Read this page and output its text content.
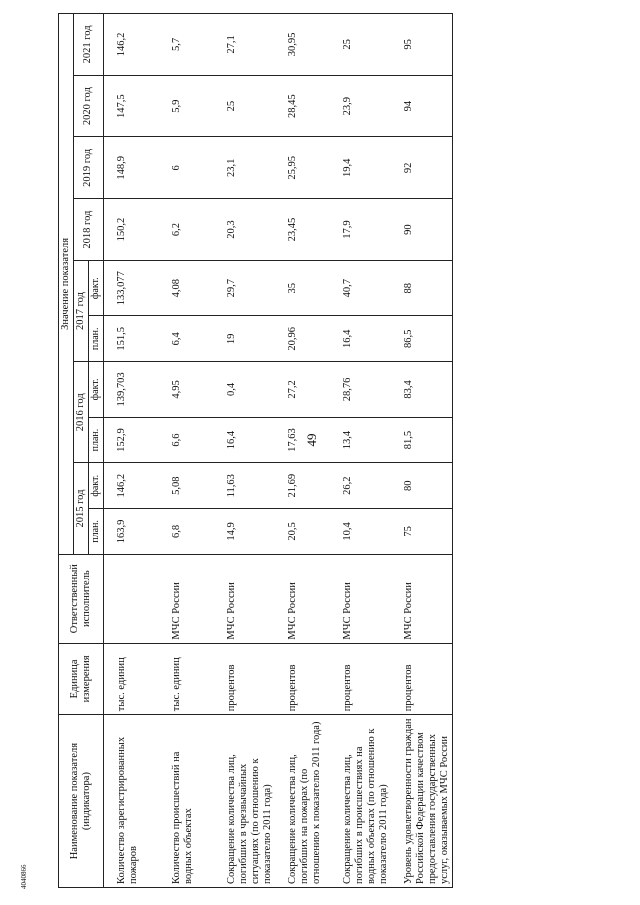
49
4040866
Наименование показателя (индикатора)	Единица измерения	Ответственный исполнитель	Значение показателя									
			2015 год		2016 год		2017 год		2018 год	2019 год	2020 год	2021 год
			план.	факт.	план.	факт.	план.	факт.				
Количество зарегистрированных пожаров	тыс. единиц		163,9	146,2	152,9	139,703	151,5	133,077	150,2	148,9	147,5	146,2
Количество происшествий на водных объектах	тыс. единиц	МЧС России	6,8	5,08	6,6	4,95	6,4	4,08	6,2	6	5,9	5,7
Сокращение количества лиц, погибших в чрезвычайных ситуациях (по отношению к показателю 2011 года)	процентов	МЧС России	14,9	11,63	16,4	0,4	19	29,7	20,3	23,1	25	27,1
Сокращение количества лиц, погибших на пожарах (по отношению к показателю 2011 года)	процентов	МЧС России	20,5	21,69	17,63	27,2	20,96	35	23,45	25,95	28,45	30,95
Сокращение количества лиц, погибших в происшествиях на водных объектах (по отношению к показателю 2011 года)	процентов	МЧС России	10,4	26,2	13,4	28,76	16,4	40,7	17,9	19,4	23,9	25
Уровень удовлетворенности граждан Российской Федерации качеством предоставления государственных услуг, оказываемых МЧС России	процентов	МЧС России	75	80	81,5	83,4	86,5	88	90	92	94	95
